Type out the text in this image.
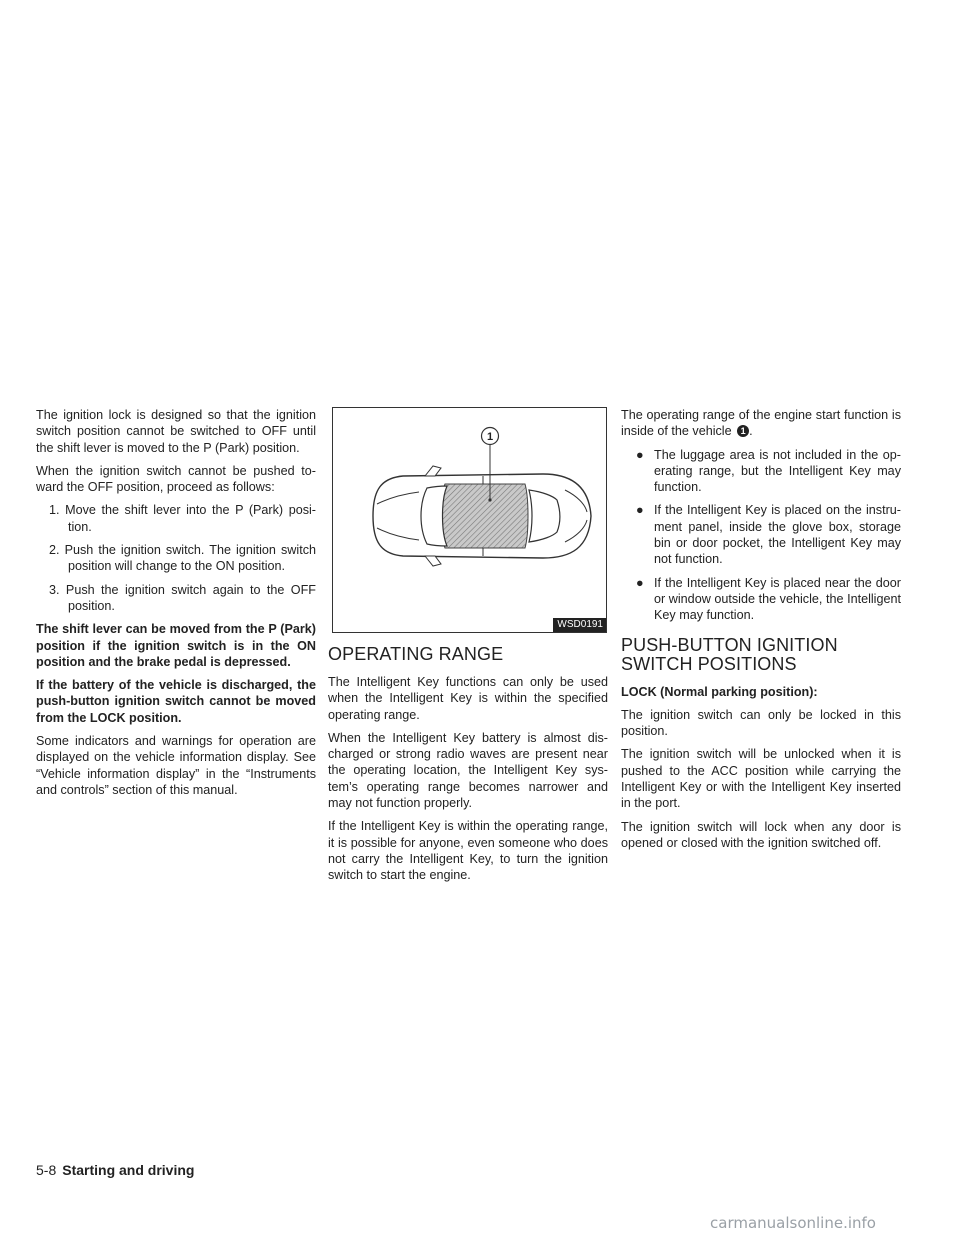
The ignition lock is designed so that the ignition switch position cannot be switched to OFF until the shift lever is moved to the P (Park) position.

When the ignition switch cannot be pushed to-ward the OFF position, proceed as follows:

1. Move the shift lever into the P (Park) posi-tion.
2. Push the ignition switch. The ignition switch position will change to the ON position.
3. Push the ignition switch again to the OFF position.

The shift lever can be moved from the P (Park) position if the ignition switch is in the ON position and the brake pedal is depressed.

If the battery of the vehicle is discharged, the push-button ignition switch cannot be moved from the LOCK position.

Some indicators and warnings for operation are displayed on the vehicle information display. See “Vehicle information display” in the “Instruments and controls” section of this manual.

1
WSD0191
OPERATING RANGE

The Intelligent Key functions can only be used when the Intelligent Key is within the specified operating range.

When the Intelligent Key battery is almost dis-charged or strong radio waves are present near the operating location, the Intelligent Key sys-tem’s operating range becomes narrower and may not function properly.

If the Intelligent Key is within the operating range, it is possible for anyone, even someone who does not carry the Intelligent Key, to turn the ignition switch to start the engine.

The operating range of the engine start function is inside of the vehicle 1 .

● The luggage area is not included in the op-erating range, but the Intelligent Key may function.
● If the Intelligent Key is placed on the instru-ment panel, inside the glove box, storage bin or door pocket, the Intelligent Key may not function.
● If the Intelligent Key is placed near the door or window outside the vehicle, the Intelligent Key may function.
PUSH-BUTTON IGNITION SWITCH POSITIONS

LOCK (Normal parking position):

The ignition switch can only be locked in this position.

The ignition switch will be unlocked when it is pushed to the ACC position while carrying the Intelligent Key or with the Intelligent Key inserted in the port.

The ignition switch will lock when any door is opened or closed with the ignition switched off.

5-8 Starting and driving
carmanualsonline.info
